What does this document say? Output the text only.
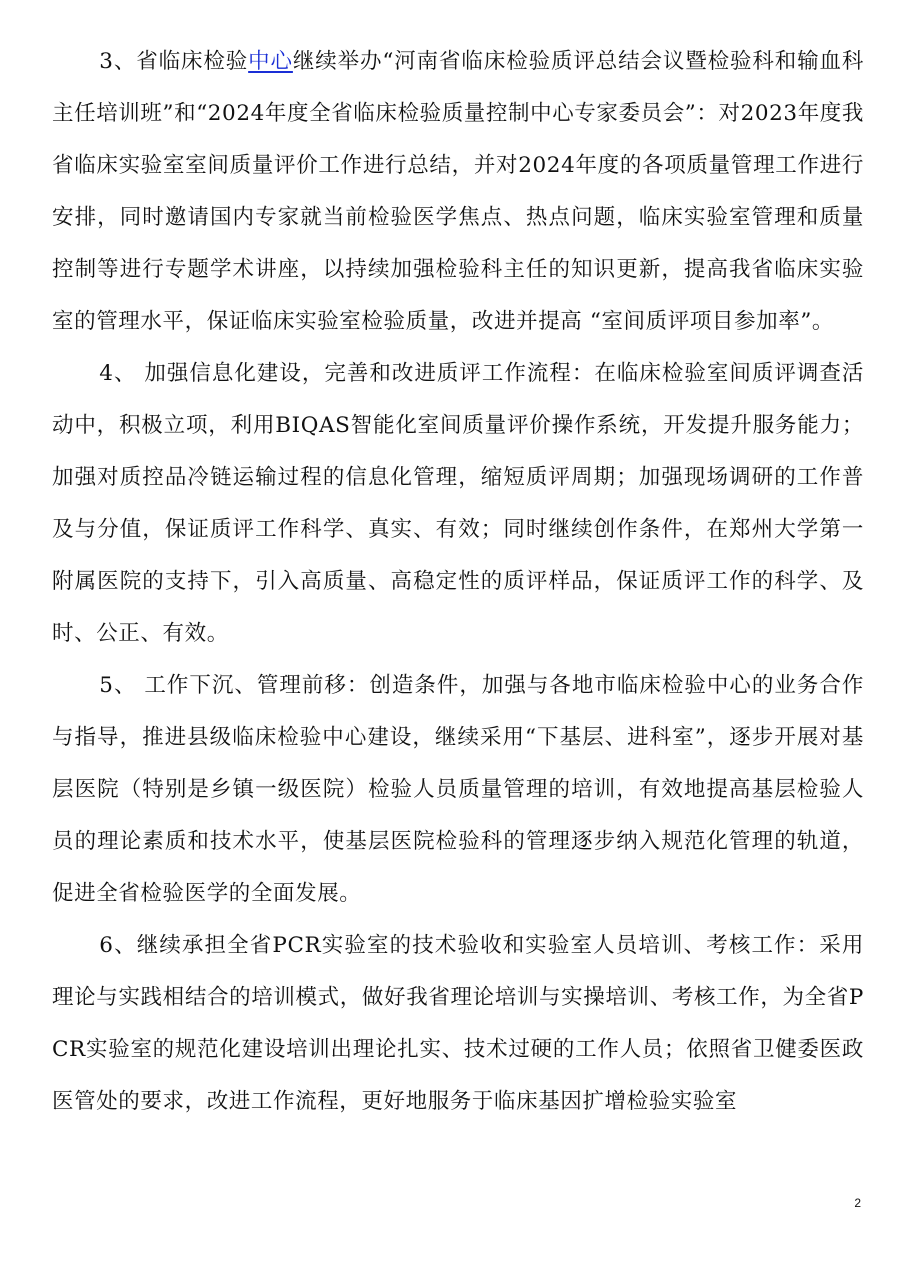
3、省临床检验中心继续举办“河南省临床检验质评总结会议暨检验科和输血科主任培训班”和“2024年度全省临床检验质量控制中心专家委员会”：对2023年度我省临床实验室室间质量评价工作进行总结，并对2024年度的各项质量管理工作进行安排，同时邀请国内专家就当前检验医学焦点、热点问题，临床实验室管理和质量控制等进行专题学术讲座，以持续加强检验科主任的知识更新，提高我省临床实验室的管理水平，保证临床实验室检验质量，改进并提高 “室间质评项目参加率”。

4、 加强信息化建设，完善和改进质评工作流程：在临床检验室间质评调查活动中，积极立项，利用BIQAS智能化室间质量评价操作系统，开发提升服务能力；加强对质控品冷链运输过程的信息化管理，缩短质评周期；加强现场调研的工作普及与分值，保证质评工作科学、真实、有效；同时继续创作条件，在郑州大学第一附属医院的支持下，引入高质量、高稳定性的质评样品，保证质评工作的科学、及时、公正、有效。

5、 工作下沉、管理前移：创造条件，加强与各地市临床检验中心的业务合作与指导，推进县级临床检验中心建设，继续采用“下基层、进科室”，逐步开展对基层医院（特别是乡镇一级医院）检验人员质量管理的培训，有效地提高基层检验人员的理论素质和技术水平，使基层医院检验科的管理逐步纳入规范化管理的轨道，促进全省检验医学的全面发展。

6、继续承担全省PCR实验室的技术验收和实验室人员培训、考核工作：采用理论与实践相结合的培训模式，做好我省理论培训与实操培训、考核工作，为全省PCR实验室的规范化建设培训出理论扎实、技术过硬的工作人员；依照省卫健委医政医管处的要求，改进工作流程，更好地服务于临床基因扩增检验实验室

2
